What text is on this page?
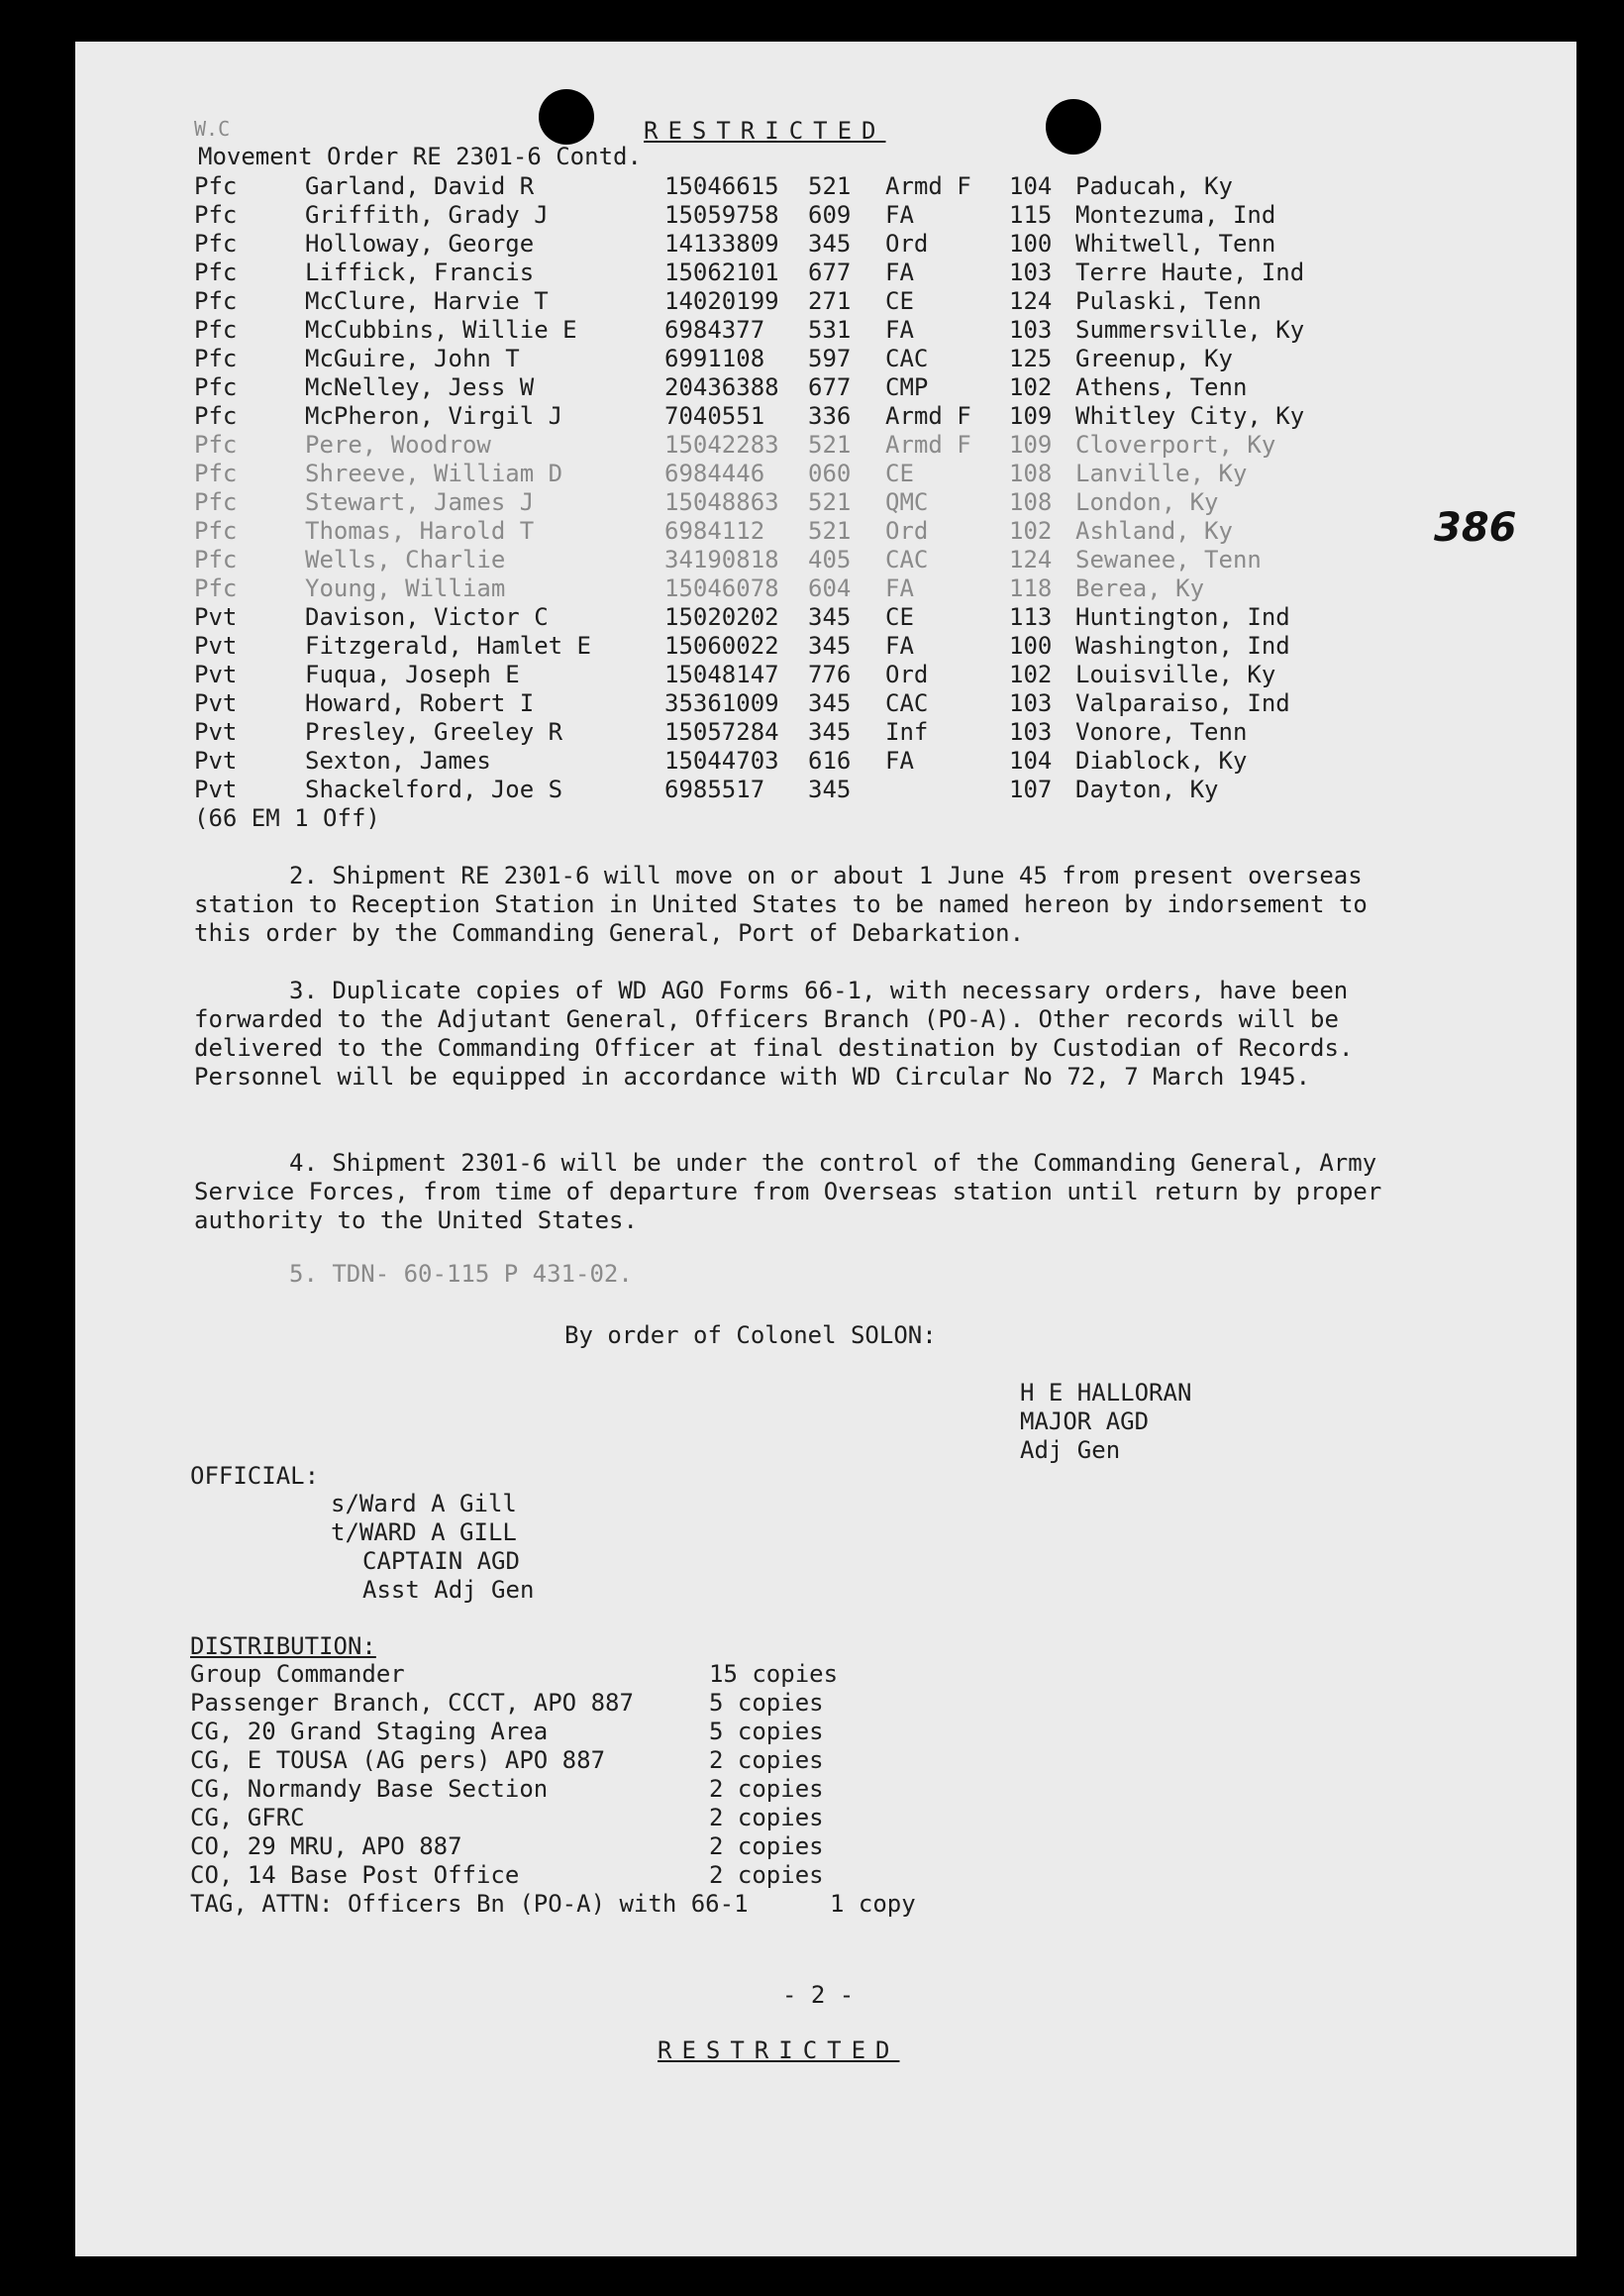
W.C	RESTRICTED
Movement Order RE 2301-6 Contd.
386
Pfc	Garland, David R	15046615 521 Armd F 104 Paducah, Ky
Pfc	Griffith, Grady J	15059758 609 FA	115 Montezuma, Ind
Pfc	Holloway, George	14133809 345 Ord	100 Whitwell, Tenn
Pfc	Liffick, Francis	15062101 677 FA	103 Terre Haute, Ind
Pfc	McClure, Harvie T	14020199 271 CE	124 Pulaski, Tenn
Pfc	McCubbins, Willie E	6984377 531 FA	103 Summersville, Ky
Pfc	McGuire, John T	6991108 597 CAC	125 Greenup, Ky
Pfc	McNelley, Jess W	20436388 677 CMP	102 Athens, Tenn
Pfc	McPheron, Virgil J	7040551 336 Armd F 109 Whitley City, Ky
Pfc	Pere, Woodrow	15042283 521 Armd F 109 Cloverport, Ky
Pfc	Shreeve, William D	6984446 060 CE	108 Lanville, Ky
Pfc	Stewart, James J	15048863 521 QMC	108 London, Ky
Pfc	Thomas, Harold T	6984112 521 Ord	102 Ashland, Ky
Pfc	Wells, Charlie	34190818 405 CAC	124 Sewanee, Tenn
Pfc	Young, William	15046078 604 FA	118 Berea, Ky
Pvt	Davison, Victor C	15020202 345 CE	113 Huntington, Ind
Pvt	Fitzgerald, Hamlet E	15060022 345 FA	100 Washington, Ind
Pvt	Fuqua, Joseph E	15048147 776 Ord	102 Louisville, Ky
Pvt	Howard, Robert I	35361009 345 CAC	103 Valparaiso, Ind
Pvt	Presley, Greeley R	15057284 345 Inf	103 Vonore, Tenn
Pvt	Sexton, James	15044703 616 FA	104 Diablock, Ky
Pvt	Shackelford, Joe S	6985517 345	107 Dayton, Ky
(66 EM 1 Off)
2. Shipment RE 2301-6 will move on or about 1 June 45 from present overseas station to Reception Station in United States to be named hereon by indorsement to this order by the Commanding General, Port of Debarkation.
3. Duplicate copies of WD AGO Forms 66-1, with necessary orders, have been forwarded to the Adjutant General, Officers Branch (PO-A). Other records will be delivered to the Commanding Officer at final destination by Custodian of Records. Personnel will be equipped in accordance with WD Circular No 72, 7 March 1945.
4. Shipment 2301-6 will be under the control of the Commanding General, Army Service Forces, from time of departure from Overseas station until return by proper authority to the United States.
5. TDN- 60-115 P 431-02.
By order of Colonel SOLON:
H E HALLORAN
MAJOR AGD
Adj Gen
OFFICIAL:
s/Ward A Gill
t/WARD A GILL
CAPTAIN AGD
Asst Adj Gen
DISTRIBUTION:
Group Commander	15 copies
Passenger Branch, CCCT, APO 887	5 copies
CG, 20 Grand Staging Area	5 copies
CG, E TOUSA (AG pers) APO 887	2 copies
CG, Normandy Base Section	2 copies
CG, GFRC	2 copies
CO, 29 MRU, APO 887	2 copies
CO, 14 Base Post Office	2 copies
TAG, ATTN: Officers Bn (PO-A) with 66-1	1 copy
- 2 -
RESTRICTED
